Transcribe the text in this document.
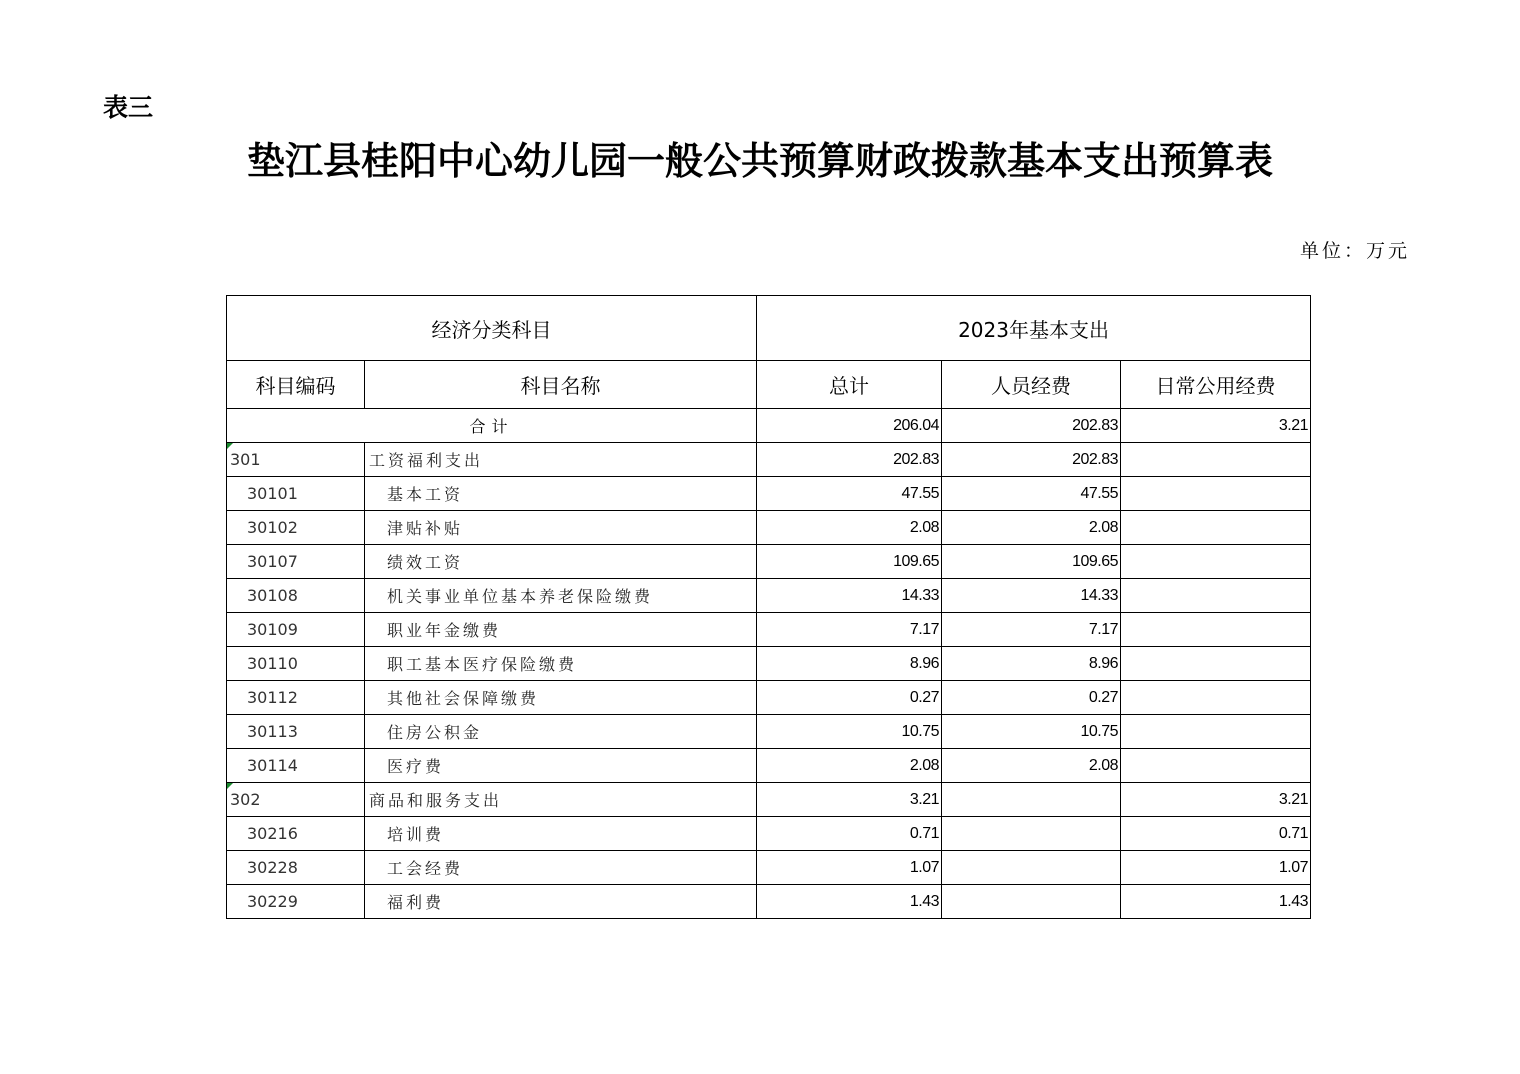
表三
垫江县桂阳中心幼儿园一般公共预算财政拨款基本支出预算表
单位：万元
经济分类科目		2023年基本支出		
科目编码	科目名称	总计	人员经费	日常公用经费
合计		206.04	202.83	3.21

301	工资福利支出	202.83	202.83	
30101	基本工资	47.55	47.55	
30102	津贴补贴	2.08	2.08	
30107	绩效工资	109.65	109.65	
30108	机关事业单位基本养老保险缴费	14.33	14.33	
30109	职业年金缴费	7.17	7.17	
30110	职工基本医疗保险缴费	8.96	8.96	
30112	其他社会保障缴费	0.27	0.27	
30113	住房公积金	10.75	10.75	
30114	医疗费	2.08	2.08	

302	商品和服务支出	3.21		3.21
30216	培训费	0.71		0.71
30228	工会经费	1.07		1.07
30229	福利费	1.43		1.43
